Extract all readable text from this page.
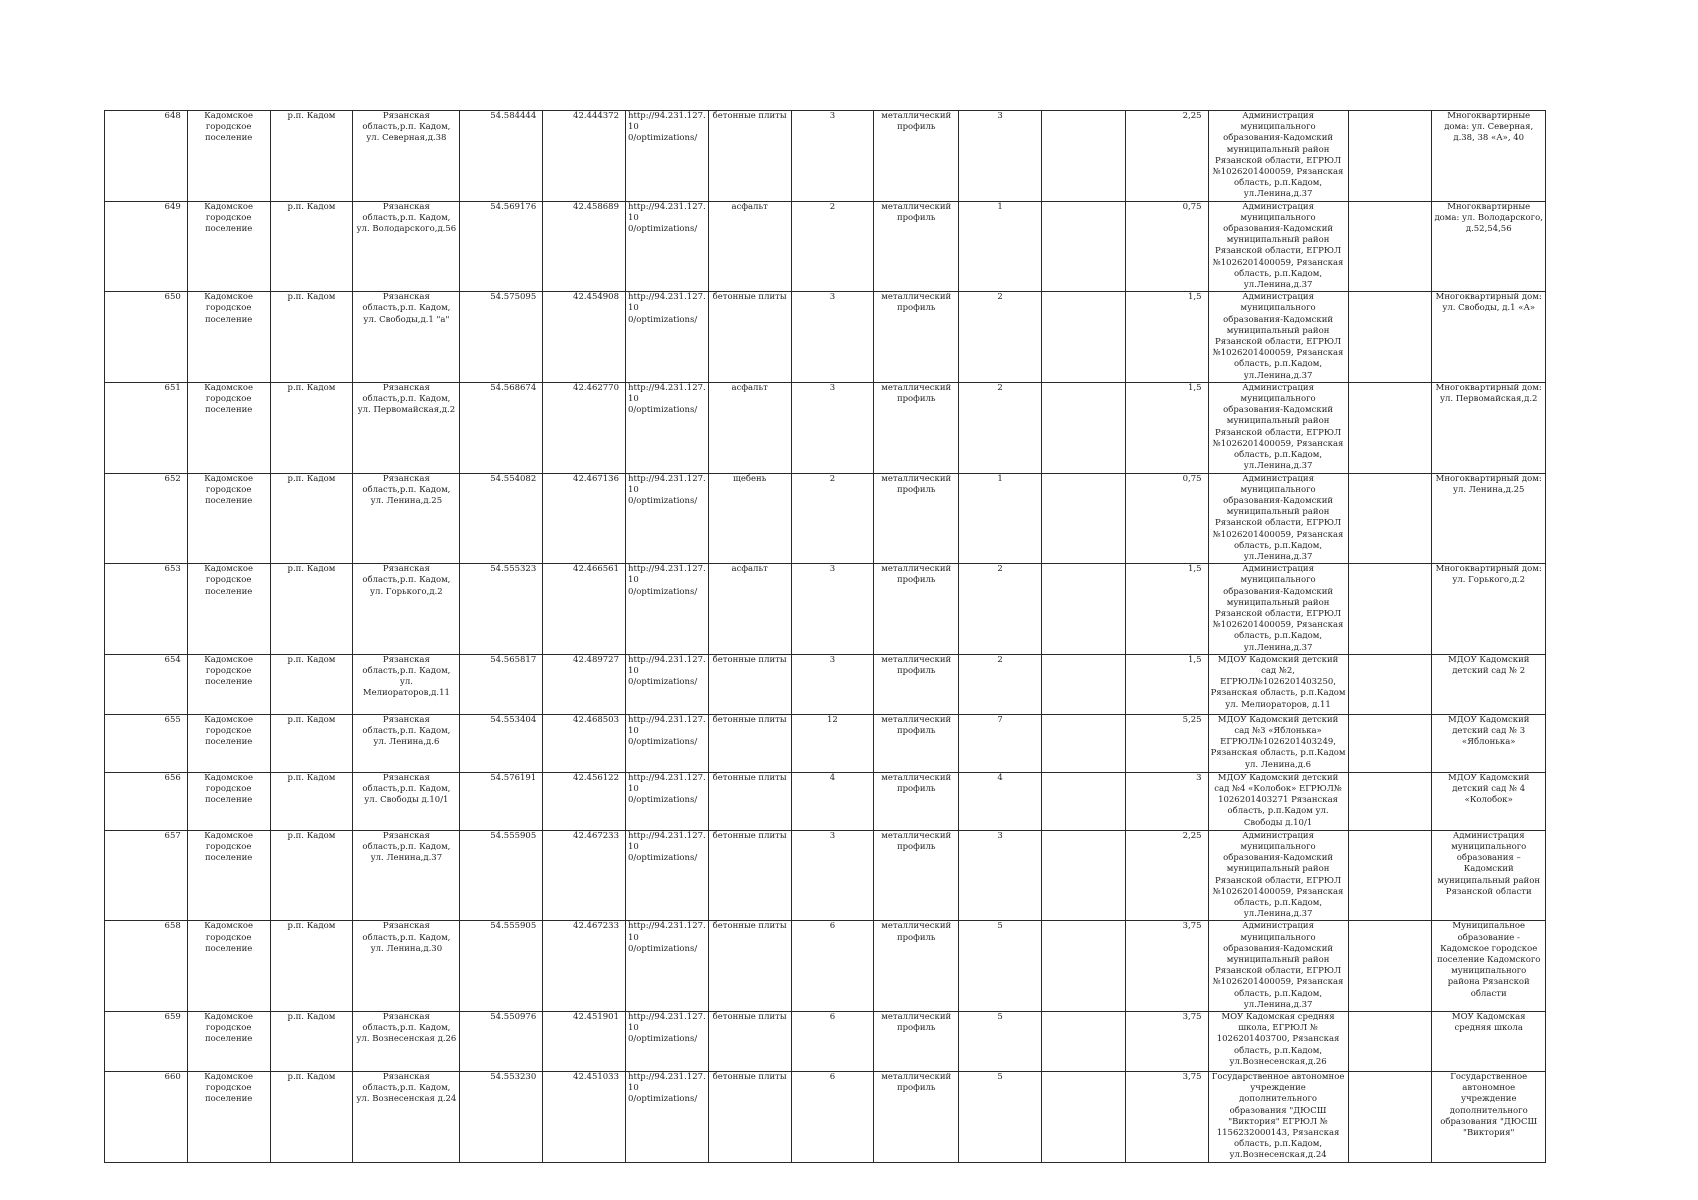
648	Кадомское городское поселение	р.п. Кадом	Рязанская область,р.п. Кадом, ул. Северная,д.38	54.584444	42.444372	http://94.231.127.10 0/optimizations/	бетонные плиты	3	металлический профиль	3		2,25	Администрация муниципального образования-Кадомский муниципальный район Рязанской области, ЕГРЮЛ №1026201400059, Рязанская область, р.п.Кадом, ул.Ленина,д.37		Многоквартирные дома: ул. Северная, д.38, 38 «А», 40
649	Кадомское городское поселение	р.п. Кадом	Рязанская область,р.п. Кадом, ул. Володарского,д.56	54.569176	42.458689	http://94.231.127.10 0/optimizations/	асфальт	2	металлический профиль	1		0,75	Администрация муниципального образования-Кадомский муниципальный район Рязанской области, ЕГРЮЛ №1026201400059, Рязанская область, р.п.Кадом, ул.Ленина,д.37		Многоквартирные дома: ул. Володарского, д.52,54,56
650	Кадомское городское поселение	р.п. Кадом	Рязанская область,р.п. Кадом, ул. Свободы,д.1 "а"	54.575095	42.454908	http://94.231.127.10 0/optimizations/	бетонные плиты	3	металлический профиль	2		1,5	Администрация муниципального образования-Кадомский муниципальный район Рязанской области, ЕГРЮЛ №1026201400059, Рязанская область, р.п.Кадом, ул.Ленина,д.37		Многоквартирный дом: ул. Свободы, д.1 «А»
651	Кадомское городское поселение	р.п. Кадом	Рязанская область,р.п. Кадом, ул. Первомайская,д.2	54.568674	42.462770	http://94.231.127.10 0/optimizations/	асфальт	3	металлический профиль	2		1,5	Администрация муниципального образования-Кадомский муниципальный район Рязанской области, ЕГРЮЛ №1026201400059, Рязанская область, р.п.Кадом, ул.Ленина,д.37		Многоквартирный дом: ул. Первомайская,д.2
652	Кадомское городское поселение	р.п. Кадом	Рязанская область,р.п. Кадом, ул. Ленина,д.25	54.554082	42.467136	http://94.231.127.10 0/optimizations/	щебень	2	металлический профиль	1		0,75	Администрация муниципального образования-Кадомский муниципальный район Рязанской области, ЕГРЮЛ №1026201400059, Рязанская область, р.п.Кадом, ул.Ленина,д.37		Многоквартирный дом: ул. Ленина,д.25
653	Кадомское городское поселение	р.п. Кадом	Рязанская область,р.п. Кадом, ул. Горького,д.2	54.555323	42.466561	http://94.231.127.10 0/optimizations/	асфальт	3	металлический профиль	2		1,5	Администрация муниципального образования-Кадомский муниципальный район Рязанской области, ЕГРЮЛ №1026201400059, Рязанская область, р.п.Кадом, ул.Ленина,д.37		Многоквартирный дом: ул. Горького,д.2
654	Кадомское городское поселение	р.п. Кадом	Рязанская область,р.п. Кадом, ул. Мелиораторов,д.11	54.565817	42.489727	http://94.231.127.10 0/optimizations/	бетонные плиты	3	металлический профиль	2		1,5	МДОУ Кадомский детский сад №2, ЕГРЮЛ№1026201403250, Рязанская область, р.п.Кадом ул. Мелиораторов, д.11		МДОУ Кадомский детский сад № 2
655	Кадомское городское поселение	р.п. Кадом	Рязанская область,р.п. Кадом, ул. Ленина,д.6	54.553404	42.468503	http://94.231.127.10 0/optimizations/	бетонные плиты	12	металлический профиль	7		5,25	МДОУ Кадомский детский сад №3 «Яблонька» ЕГРЮЛ№1026201403249, Рязанская область, р.п.Кадом ул. Ленина,д.6		МДОУ Кадомский детский сад № 3 «Яблонька»
656	Кадомское городское поселение	р.п. Кадом	Рязанская область,р.п. Кадом, ул. Свободы д.10/1	54.576191	42.456122	http://94.231.127.10 0/optimizations/	бетонные плиты	4	металлический профиль	4		3	МДОУ Кадомский детский сад №4 «Колобок» ЕГРЮЛ№ 1026201403271 Рязанская область, р.п.Кадом ул. Свободы д.10/1		МДОУ Кадомский детский сад № 4 «Колобок»
657	Кадомское городское поселение	р.п. Кадом	Рязанская область,р.п. Кадом, ул. Ленина,д.37	54.555905	42.467233	http://94.231.127.10 0/optimizations/	бетонные плиты	3	металлический профиль	3		2,25	Администрация муниципального образования-Кадомский муниципальный район Рязанской области, ЕГРЮЛ №1026201400059, Рязанская область, р.п.Кадом, ул.Ленина,д.37		Администрация муниципального образования – Кадомский муниципальный район Рязанской области
658	Кадомское городское поселение	р.п. Кадом	Рязанская область,р.п. Кадом, ул. Ленина,д.30	54.555905	42.467233	http://94.231.127.10 0/optimizations/	бетонные плиты	6	металлический профиль	5		3,75	Администрация муниципального образования-Кадомский муниципальный район Рязанской области, ЕГРЮЛ №1026201400059, Рязанская область, р.п.Кадом, ул.Ленина,д.37		Муниципальное образование - Кадомское городское поселение Кадомского муниципального района Рязанской области
659	Кадомское городское поселение	р.п. Кадом	Рязанская область,р.п. Кадом, ул. Вознесенская д.26	54.550976	42.451901	http://94.231.127.10 0/optimizations/	бетонные плиты	6	металлический профиль	5		3,75	МОУ Кадомская средняя школа, ЕГРЮЛ № 1026201403700, Рязанская область, р.п.Кадом, ул.Вознесенская,д.26		МОУ Кадомская средняя школа
660	Кадомское городское поселение	р.п. Кадом	Рязанская область,р.п. Кадом, ул. Вознесенская д.24	54.553230	42.451033	http://94.231.127.10 0/optimizations/	бетонные плиты	6	металлический профиль	5		3,75	Государственное автономное учреждение дополнительного образования "ДЮСШ "Виктория" ЕГРЮЛ № 1156232000143, Рязанская область, р.п.Кадом, ул.Вознесенская,д.24		Государственное автономное учреждение дополнительного образования "ДЮСШ "Виктория"
